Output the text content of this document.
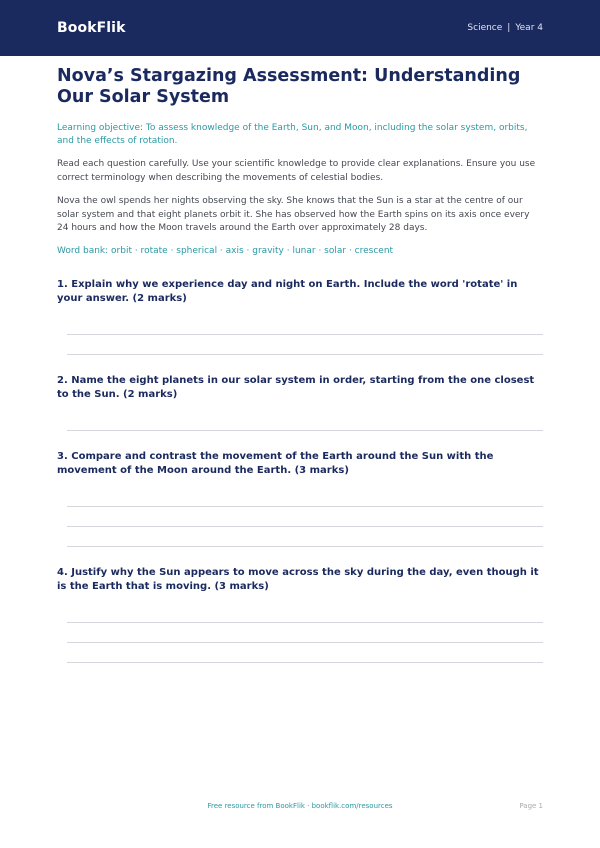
BookFlik	Science | Year 4
Nova’s Stargazing Assessment: Understanding Our Solar System

Learning objective: To assess knowledge of the Earth, Sun, and Moon, including the solar system, orbits, and the effects of rotation.

Read each question carefully. Use your scientific knowledge to provide clear explanations. Ensure you use correct terminology when describing the movements of celestial bodies.

Nova the owl spends her nights observing the sky. She knows that the Sun is a star at the centre of our solar system and that eight planets orbit it. She has observed how the Earth spins on its axis once every 24 hours and how the Moon travels around the Earth over approximately 28 days.

Word bank: orbit · rotate · spherical · axis · gravity · lunar · solar · crescent

1. Explain why we experience day and night on Earth. Include the word 'rotate' in your answer. (2 marks)
2. Name the eight planets in our solar system in order, starting from the one closest to the Sun. (2 marks)
3. Compare and contrast the movement of the Earth around the Sun with the movement of the Moon around the Earth. (3 marks)
4. Justify why the Sun appears to move across the sky during the day, even though it is the Earth that is moving. (3 marks)
Free resource from BookFlik · bookflik.com/resources	Page 1
